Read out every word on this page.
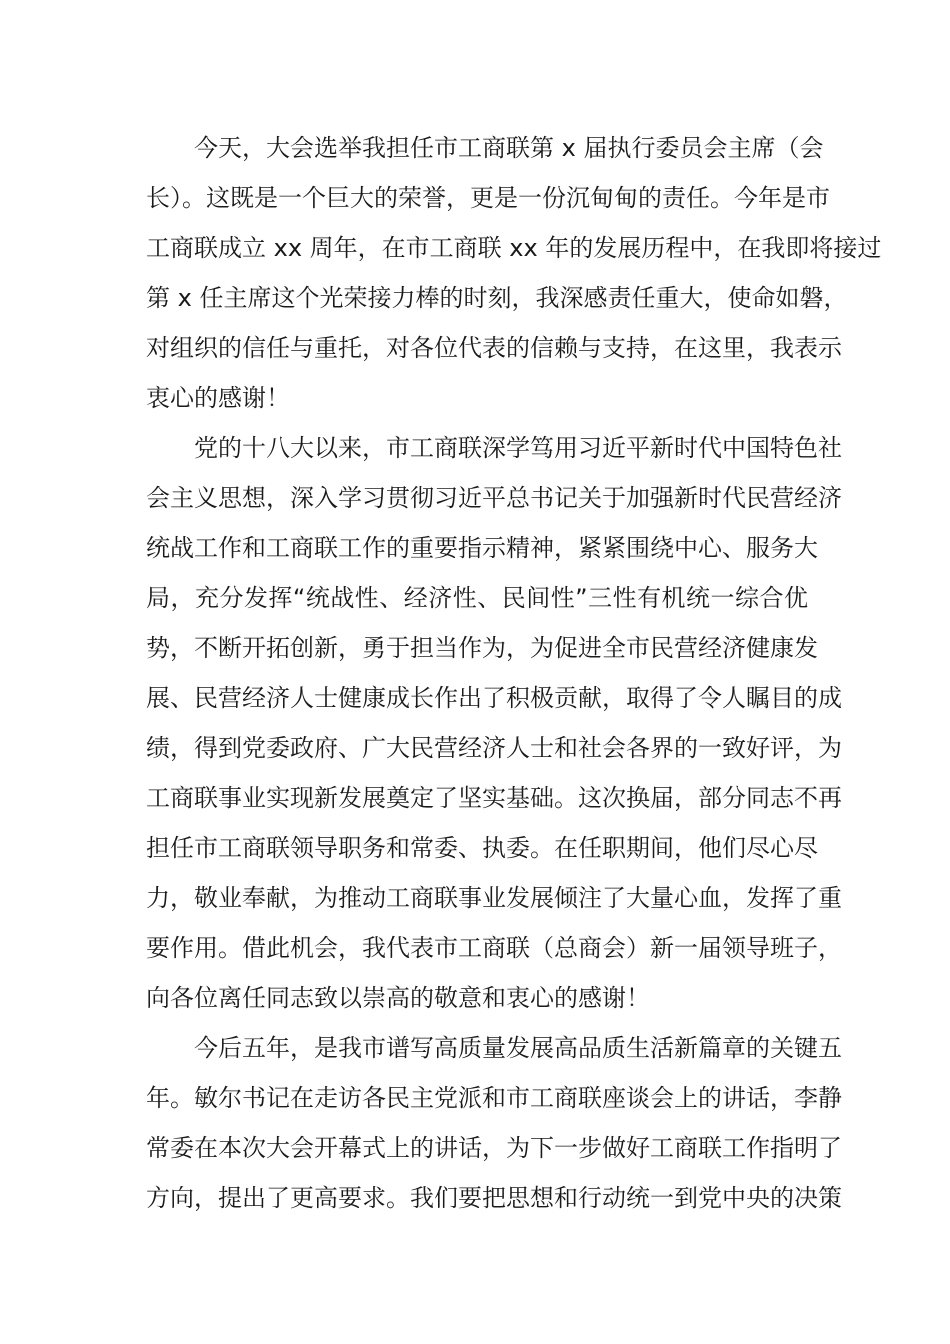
今天，大会选举我担任市工商联第 x 届执行委员会主席（会
长）。这既是一个巨大的荣誉，更是一份沉甸甸的责任。今年是市
工商联成立 xx 周年，在市工商联 xx 年的发展历程中，在我即将接过
第 x 任主席这个光荣接力棒的时刻，我深感责任重大，使命如磐，
对组织的信任与重托，对各位代表的信赖与支持，在这里，我表示
衷心的感谢！
党的十八大以来，市工商联深学笃用习近平新时代中国特色社
会主义思想，深入学习贯彻习近平总书记关于加强新时代民营经济
统战工作和工商联工作的重要指示精神，紧紧围绕中心、服务大
局，充分发挥“统战性、经济性、民间性”三性有机统一综合优
势，不断开拓创新，勇于担当作为，为促进全市民营经济健康发
展、民营经济人士健康成长作出了积极贡献，取得了令人瞩目的成
绩，得到党委政府、广大民营经济人士和社会各界的一致好评，为
工商联事业实现新发展奠定了坚实基础。这次换届，部分同志不再
担任市工商联领导职务和常委、执委。在任职期间，他们尽心尽
力，敬业奉献，为推动工商联事业发展倾注了大量心血，发挥了重
要作用。借此机会，我代表市工商联（总商会）新一届领导班子，
向各位离任同志致以崇高的敬意和衷心的感谢！
今后五年，是我市谱写高质量发展高品质生活新篇章的关键五
年。敏尔书记在走访各民主党派和市工商联座谈会上的讲话，李静
常委在本次大会开幕式上的讲话，为下一步做好工商联工作指明了
方向，提出了更高要求。我们要把思想和行动统一到党中央的决策
